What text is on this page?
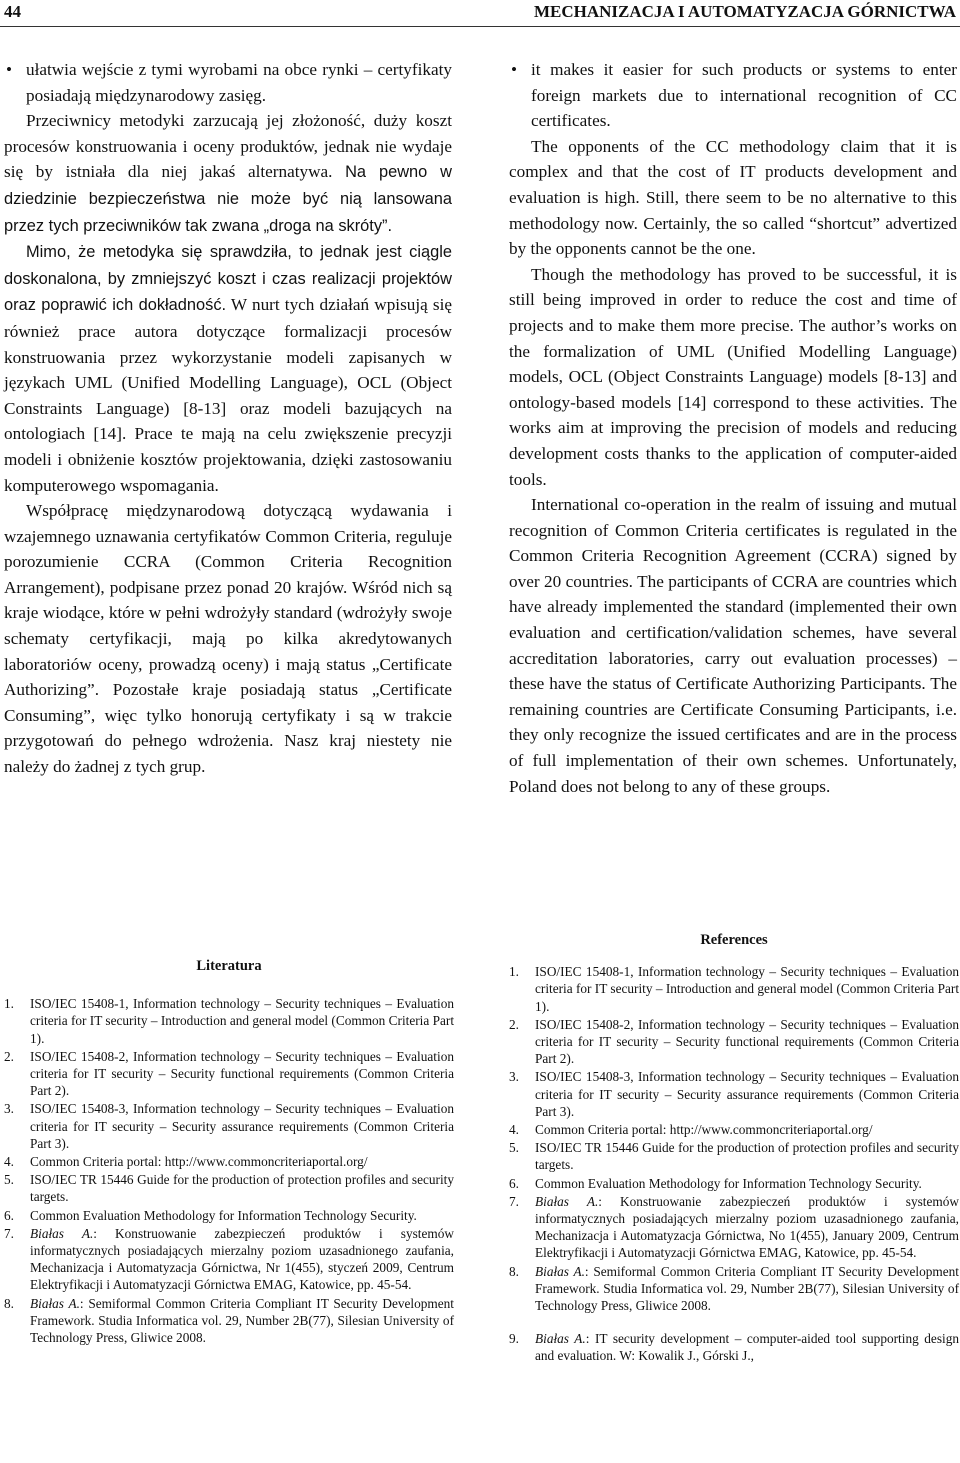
44	MECHANIZACJA I AUTOMATYZACJA GÓRNICTWA

• ułatwia wejście z tymi wyrobami na obce rynki – certyfikaty posiadają międzynarodowy zasięg.

Przeciwnicy metodyki zarzucają jej złożoność, duży koszt procesów konstruowania i oceny produktów, jednak nie wydaje się by istniała dla niej jakaś alternatywa. Na pewno w dziedzinie bezpieczeństwa nie może być nią lansowana przez tych przeciwników tak zwana „droga na skróty”.

Mimo, że metodyka się sprawdziła, to jednak jest ciągle doskonalona, by zmniejszyć koszt i czas realizacji projektów oraz poprawić ich dokładność. W nurt tych działań wpisują się również prace autora dotyczące formalizacji procesów konstruowania przez wykorzystanie modeli zapisanych w językach UML (Unified Modelling Language), OCL (Object Constraints Language) [8-13] oraz modeli bazujących na ontologiach [14]. Prace te mają na celu zwiększenie precyzji modeli i obniżenie kosztów projektowania, dzięki zastosowaniu komputerowego wspomagania.

Współpracę międzynarodową dotyczącą wydawania i wzajemnego uznawania certyfikatów Common Criteria, reguluje porozumienie CCRA (Common Criteria Recognition Arrangement), podpisane przez ponad 20 krajów. Wśród nich są kraje wiodące, które w pełni wdrożyły standard (wdrożyły swoje schematy certyfikacji, mają po kilka akredytowanych laboratoriów oceny, prowadzą oceny) i mają status „Certificate Authorizing”. Pozostałe kraje posiadają status „Certificate Consuming”, więc tylko honorują certyfikaty i są w trakcie przygotowań do pełnego wdrożenia. Nasz kraj niestety nie należy do żadnej z tych grup.

• it makes it easier for such products or systems to enter foreign markets due to international recognition of CC certificates.

The opponents of the CC methodology claim that it is complex and that the cost of IT products development and evaluation is high. Still, there seem to be no alternative to this methodology now. Certainly, the so called “shortcut” advertized by the opponents cannot be the one.

Though the methodology has proved to be successful, it is still being improved in order to reduce the cost and time of projects and to make them more precise. The author’s works on the formalization of UML (Unified Modelling Language) models, OCL (Object Constraints Language) models [8-13] and ontology-based models [14] correspond to these activities. The works aim at improving the precision of models and reducing development costs thanks to the application of computer-aided tools.

International co-operation in the realm of issuing and mutual recognition of Common Criteria certificates is regulated in the Common Criteria Recognition Agreement (CCRA) signed by over 20 countries. The participants of CCRA are countries which have already implemented the standard (implemented their own evaluation and certification/validation schemes, have several accreditation laboratories, carry out evaluation processes) – these have the status of Certificate Authorizing Participants. The remaining countries are Certificate Consuming Participants, i.e. they only recognize the issued certificates and are in the process of full implementation of their own schemes. Unfortunately, Poland does not belong to any of these groups.

Literatura
1. ISO/IEC 15408-1, Information technology – Security techniques – Evaluation criteria for IT security – Introduction and general model (Common Criteria Part 1).
2. ISO/IEC 15408-2, Information technology – Security techniques – Evaluation criteria for IT security – Security functional requirements (Common Criteria Part 2).
3. ISO/IEC 15408-3, Information technology – Security techniques – Evaluation criteria for IT security – Security assurance requirements (Common Criteria Part 3).
4. Common Criteria portal: http://www.commoncriteriaportal.org/
5. ISO/IEC TR 15446 Guide for the production of protection profiles and security targets.
6. Common Evaluation Methodology for Information Technology Security.
7. Białas A.: Konstruowanie zabezpieczeń produktów i systemów informatycznych posiadających mierzalny poziom uzasadnionego zaufania, Mechanizacja i Automatyzacja Górnictwa, Nr 1(455), styczeń 2009, Centrum Elektryfikacji i Automatyzacji Górnictwa EMAG, Katowice, pp. 45-54.
8. Białas A.: Semiformal Common Criteria Compliant IT Security Development Framework. Studia Informatica vol. 29, Number 2B(77), Silesian University of Technology Press, Gliwice 2008.
References
1. ISO/IEC 15408-1, Information technology – Security techniques – Evaluation criteria for IT security – Introduction and general model (Common Criteria Part 1).
2. ISO/IEC 15408-2, Information technology – Security techniques – Evaluation criteria for IT security – Security functional requirements (Common Criteria Part 2).
3. ISO/IEC 15408-3, Information technology – Security techniques – Evaluation criteria for IT security – Security assurance requirements (Common Criteria Part 3).
4. Common Criteria portal: http://www.commoncriteriaportal.org/
5. ISO/IEC TR 15446 Guide for the production of protection profiles and security targets.
6. Common Evaluation Methodology for Information Technology Security.
7. Białas A.: Konstruowanie zabezpieczeń produktów i systemów informatycznych posiadających mierzalny poziom uzasadnionego zaufania, Mechanizacja i Automatyzacja Górnictwa, No 1(455), January 2009, Centrum Elektryfikacji i Automatyzacji Górnictwa EMAG, Katowice, pp. 45-54.
8. Białas A.: Semiformal Common Criteria Compliant IT Security Development Framework. Studia Informatica vol. 29, Number 2B(77), Silesian University of Technology Press, Gliwice 2008.
9. Białas A.: IT security development – computer-aided tool supporting design and evaluation. W: Kowalik J., Górski J.,
